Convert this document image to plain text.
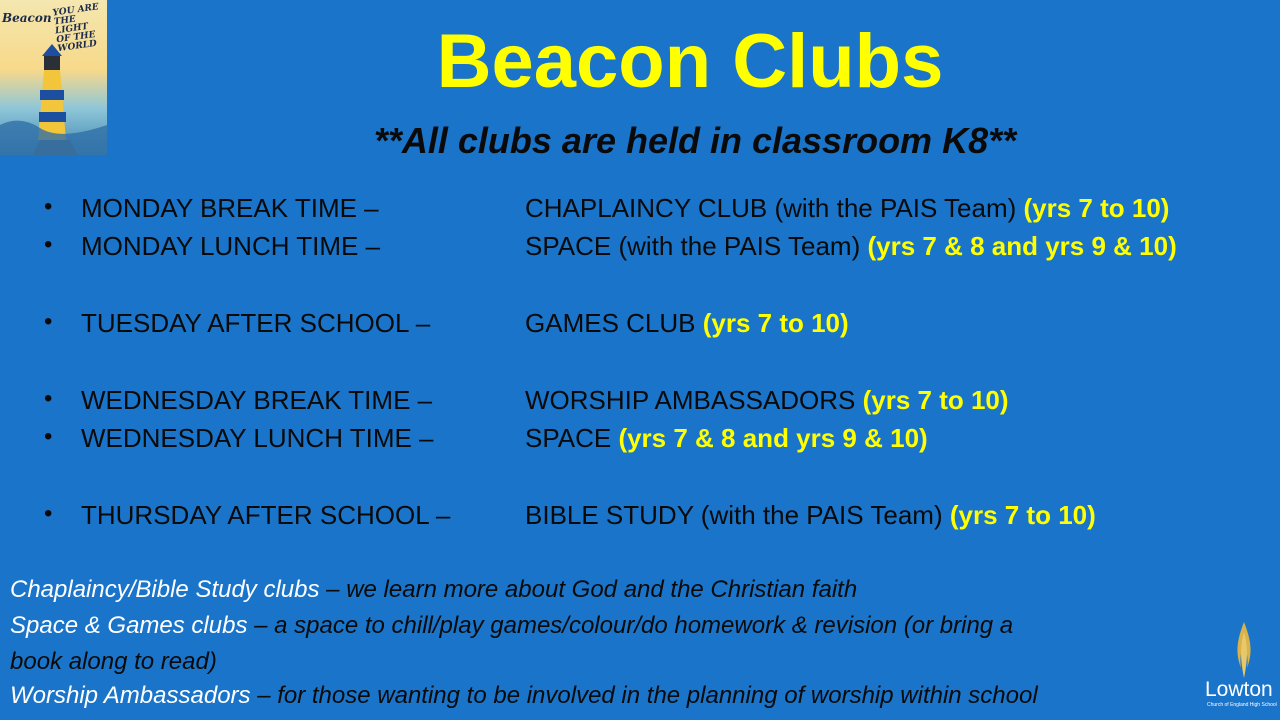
Beacon YOU ARE THE LIGHT OF THE WORLD	Beacon Clubs
**All clubs are held in classroom K8**
• MONDAY BREAK TIME –	CHAPLAINCY CLUB (with the PAIS Team) (yrs 7 to 10)
• MONDAY LUNCH TIME –	SPACE (with the PAIS Team) (yrs 7 & 8 and yrs 9 & 10)
• TUESDAY AFTER SCHOOL –	GAMES CLUB (yrs 7 to 10)
• WEDNESDAY BREAK TIME –	WORSHIP AMBASSADORS (yrs 7 to 10)
• WEDNESDAY LUNCH TIME –	SPACE (yrs 7 & 8 and yrs 9 & 10)
• THURSDAY AFTER SCHOOL –	BIBLE STUDY (with the PAIS Team) (yrs 7 to 10)
Chaplaincy/Bible Study clubs – we learn more about God and the Christian faith
Space & Games clubs – a space to chill/play games/colour/do homework & revision (or bring a
book along to read)
Worship Ambassadors – for those wanting to be involved in the planning of worship within school	Lowton
Church of England High School
